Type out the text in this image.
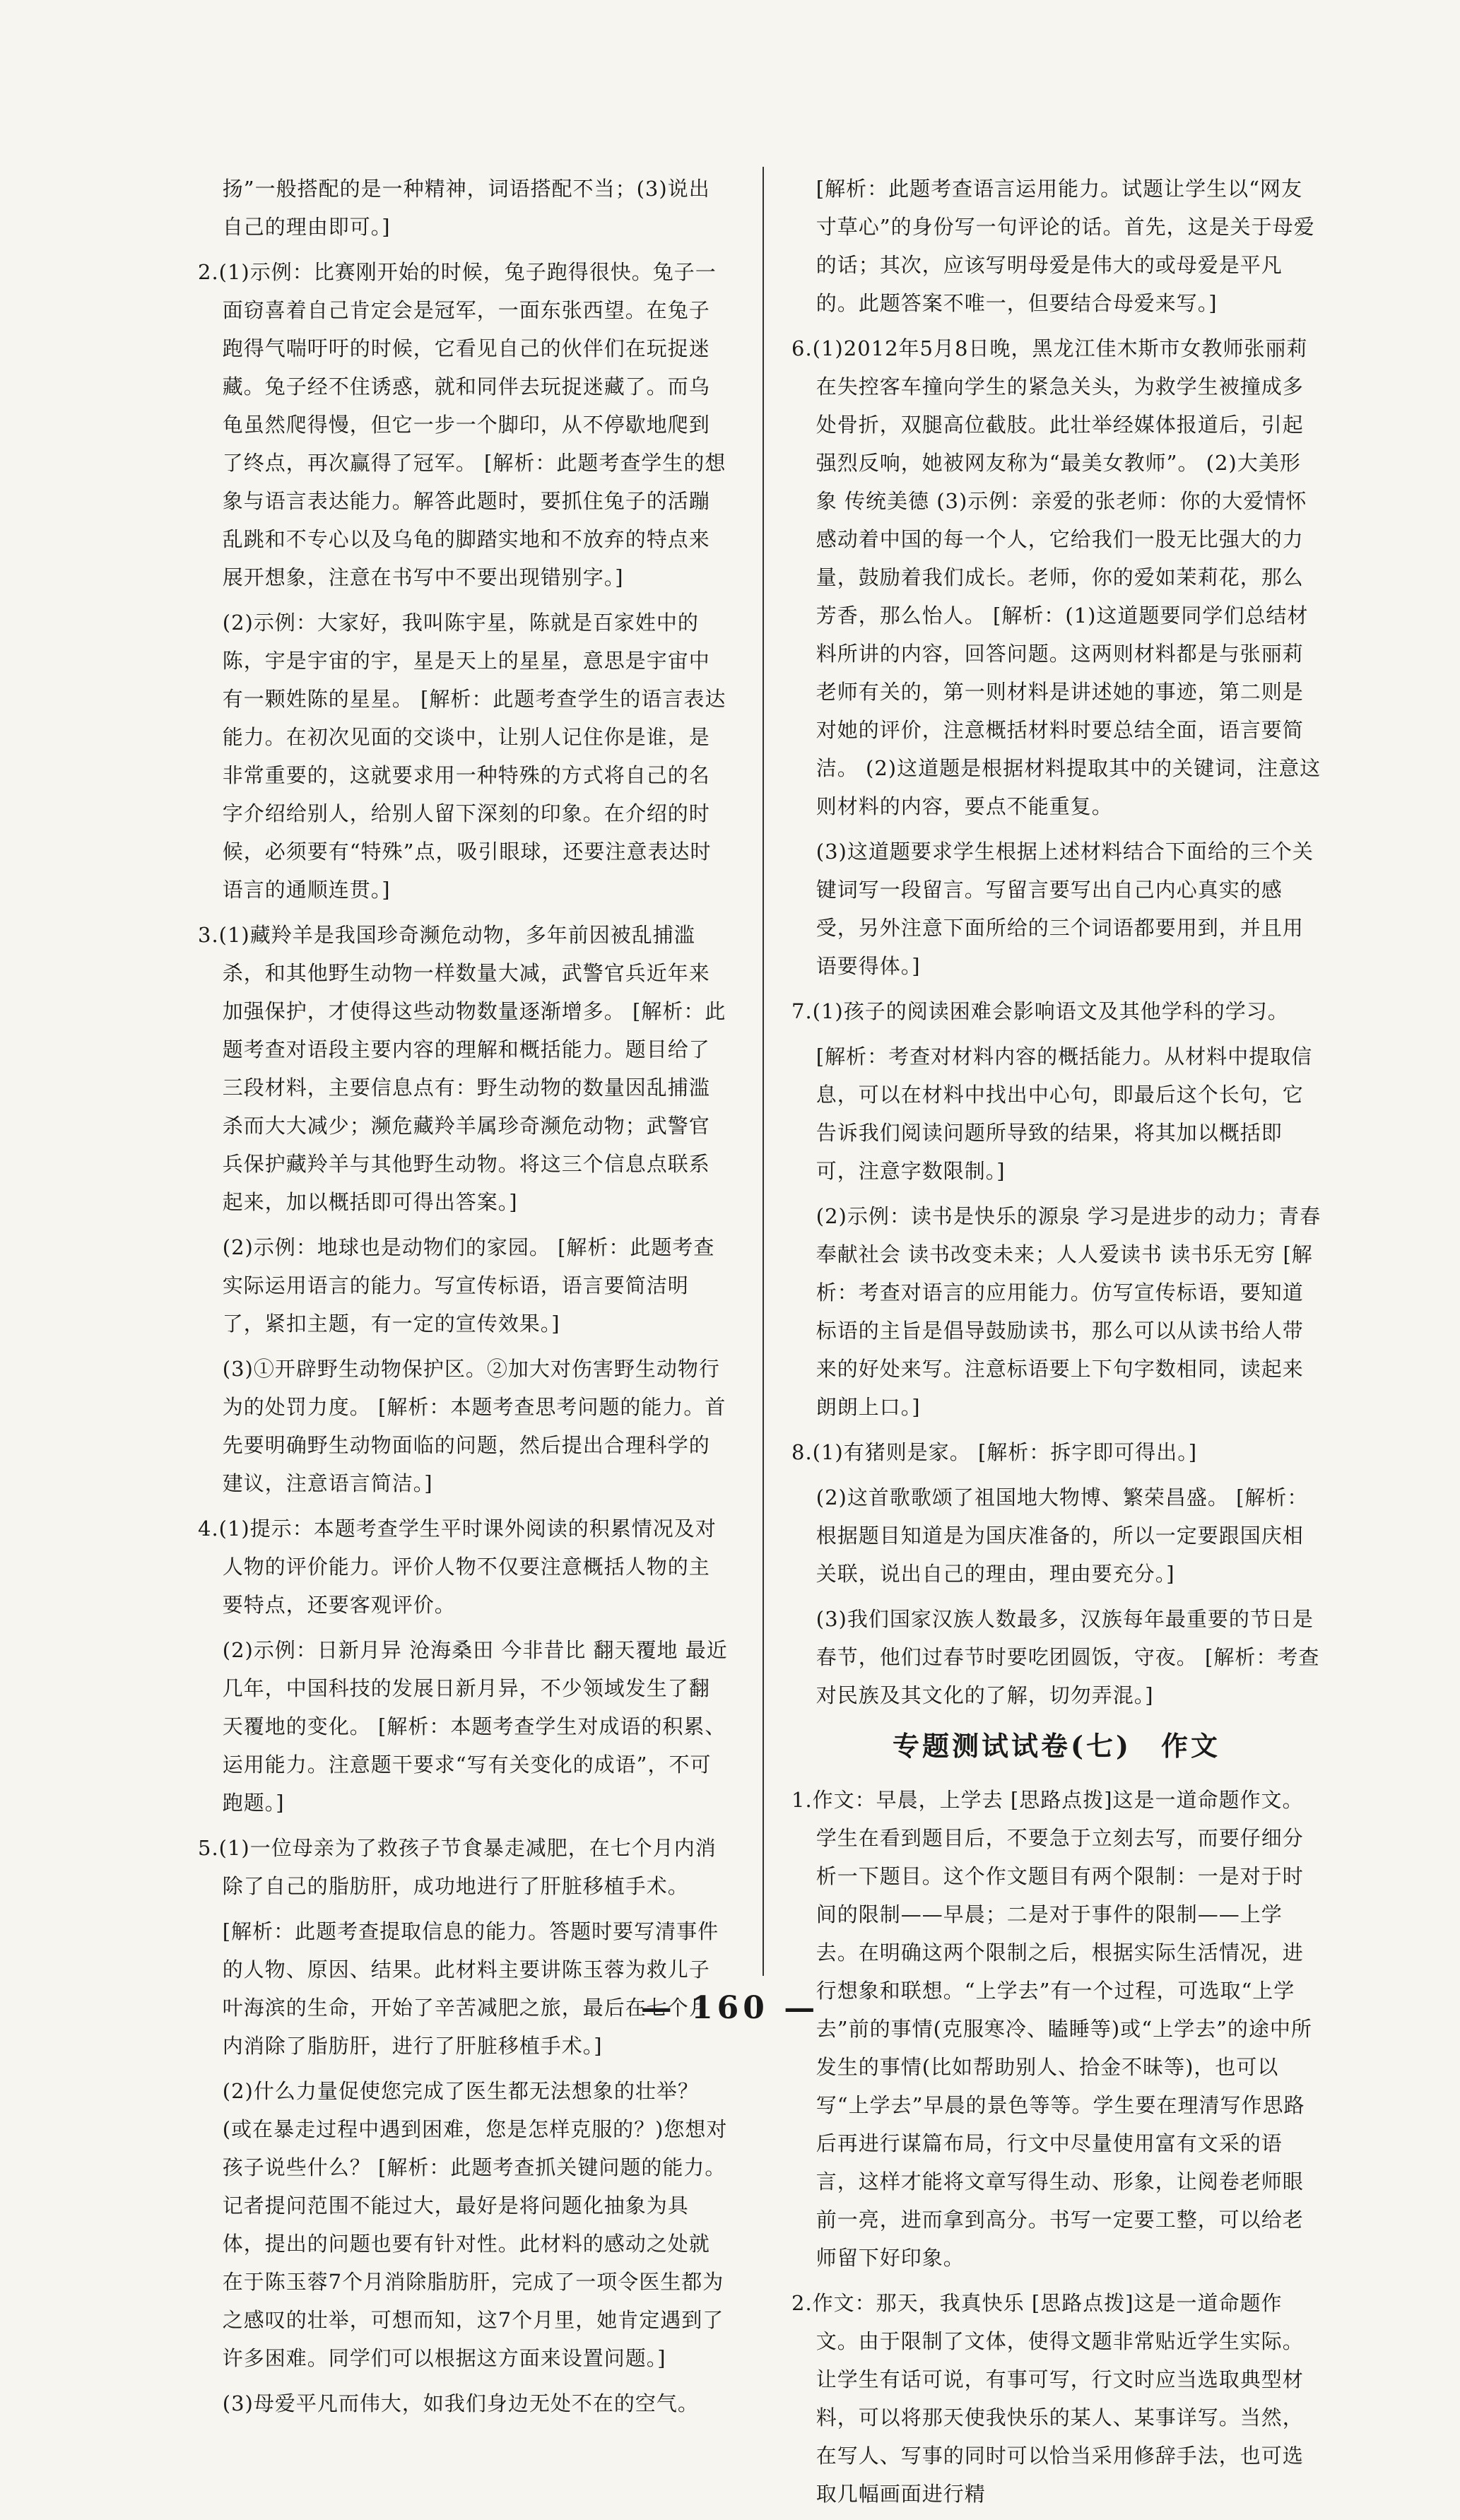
扬”一般搭配的是一种精神，词语搭配不当；(3)说出自己的理由即可。]

2.(1)示例：比赛刚开始的时候，兔子跑得很快。兔子一面窃喜着自己肯定会是冠军，一面东张西望。在兔子跑得气喘吁吁的时候，它看见自己的伙伴们在玩捉迷藏。兔子经不住诱惑，就和同伴去玩捉迷藏了。而乌龟虽然爬得慢，但它一步一个脚印，从不停歇地爬到了终点，再次赢得了冠军。 [解析：此题考查学生的想象与语言表达能力。解答此题时，要抓住兔子的活蹦乱跳和不专心以及乌龟的脚踏实地和不放弃的特点来展开想象，注意在书写中不要出现错别字。]

(2)示例：大家好，我叫陈宇星，陈就是百家姓中的陈，宇是宇宙的宇，星是天上的星星，意思是宇宙中有一颗姓陈的星星。 [解析：此题考查学生的语言表达能力。在初次见面的交谈中，让别人记住你是谁，是非常重要的，这就要求用一种特殊的方式将自己的名字介绍给别人，给别人留下深刻的印象。在介绍的时候，必须要有“特殊”点，吸引眼球，还要注意表达时语言的通顺连贯。]

3.(1)藏羚羊是我国珍奇濒危动物，多年前因被乱捕滥杀，和其他野生动物一样数量大减，武警官兵近年来加强保护，才使得这些动物数量逐渐增多。 [解析：此题考查对语段主要内容的理解和概括能力。题目给了三段材料，主要信息点有：野生动物的数量因乱捕滥杀而大大减少；濒危藏羚羊属珍奇濒危动物；武警官兵保护藏羚羊与其他野生动物。将这三个信息点联系起来，加以概括即可得出答案。]

(2)示例：地球也是动物们的家园。 [解析：此题考查实际运用语言的能力。写宣传标语，语言要简洁明了，紧扣主题，有一定的宣传效果。]

(3)①开辟野生动物保护区。②加大对伤害野生动物行为的处罚力度。 [解析：本题考查思考问题的能力。首先要明确野生动物面临的问题，然后提出合理科学的建议，注意语言简洁。]

4.(1)提示：本题考查学生平时课外阅读的积累情况及对人物的评价能力。评价人物不仅要注意概括人物的主要特点，还要客观评价。

(2)示例：日新月异 沧海桑田 今非昔比 翻天覆地 最近几年，中国科技的发展日新月异，不少领域发生了翻天覆地的变化。 [解析：本题考查学生对成语的积累、运用能力。注意题干要求“写有关变化的成语”，不可跑题。]

5.(1)一位母亲为了救孩子节食暴走减肥，在七个月内消除了自己的脂肪肝，成功地进行了肝脏移植手术。

[解析：此题考查提取信息的能力。答题时要写清事件的人物、原因、结果。此材料主要讲陈玉蓉为救儿子叶海滨的生命，开始了辛苦减肥之旅，最后在七个月内消除了脂肪肝，进行了肝脏移植手术。]

(2)什么力量促使您完成了医生都无法想象的壮举？(或在暴走过程中遇到困难，您是怎样克服的？)您想对孩子说些什么？ [解析：此题考查抓关键问题的能力。记者提问范围不能过大，最好是将问题化抽象为具体，提出的问题也要有针对性。此材料的感动之处就在于陈玉蓉7个月消除脂肪肝，完成了一项令医生都为之感叹的壮举，可想而知，这7个月里，她肯定遇到了许多困难。同学们可以根据这方面来设置问题。]

(3)母爱平凡而伟大，如我们身边无处不在的空气。

[解析：此题考查语言运用能力。试题让学生以“网友寸草心”的身份写一句评论的话。首先，这是关于母爱的话；其次，应该写明母爱是伟大的或母爱是平凡的。此题答案不唯一，但要结合母爱来写。]

6.(1)2012年5月8日晚，黑龙江佳木斯市女教师张丽莉在失控客车撞向学生的紧急关头，为救学生被撞成多处骨折，双腿高位截肢。此壮举经媒体报道后，引起强烈反响，她被网友称为“最美女教师”。 (2)大美形象 传统美德 (3)示例：亲爱的张老师：你的大爱情怀感动着中国的每一个人，它给我们一股无比强大的力量，鼓励着我们成长。老师，你的爱如茉莉花，那么芳香，那么怡人。 [解析：(1)这道题要同学们总结材料所讲的内容，回答问题。这两则材料都是与张丽莉老师有关的，第一则材料是讲述她的事迹，第二则是对她的评价，注意概括材料时要总结全面，语言要简洁。 (2)这道题是根据材料提取其中的关键词，注意这则材料的内容，要点不能重复。

(3)这道题要求学生根据上述材料结合下面给的三个关键词写一段留言。写留言要写出自己内心真实的感受，另外注意下面所给的三个词语都要用到，并且用语要得体。]

7.(1)孩子的阅读困难会影响语文及其他学科的学习。

[解析：考查对材料内容的概括能力。从材料中提取信息，可以在材料中找出中心句，即最后这个长句，它告诉我们阅读问题所导致的结果，将其加以概括即可，注意字数限制。]

(2)示例：读书是快乐的源泉 学习是进步的动力；青春奉献社会 读书改变未来；人人爱读书 读书乐无穷 [解析：考查对语言的应用能力。仿写宣传标语，要知道标语的主旨是倡导鼓励读书，那么可以从读书给人带来的好处来写。注意标语要上下句字数相同，读起来朗朗上口。]

8.(1)有猪则是家。 [解析：拆字即可得出。]

(2)这首歌歌颂了祖国地大物博、繁荣昌盛。 [解析：根据题目知道是为国庆准备的，所以一定要跟国庆相关联，说出自己的理由，理由要充分。]

(3)我们国家汉族人数最多，汉族每年最重要的节日是春节，他们过春节时要吃团圆饭，守夜。 [解析：考查对民族及其文化的了解，切勿弄混。]

专题测试试卷(七)　作文

1.作文：早晨，上学去 [思路点拨]这是一道命题作文。学生在看到题目后，不要急于立刻去写，而要仔细分析一下题目。这个作文题目有两个限制：一是对于时间的限制——早晨；二是对于事件的限制——上学去。在明确这两个限制之后，根据实际生活情况，进行想象和联想。“上学去”有一个过程，可选取“上学去”前的事情(克服寒冷、瞌睡等)或“上学去”的途中所发生的事情(比如帮助别人、拾金不昧等)，也可以写“上学去”早晨的景色等等。学生要在理清写作思路后再进行谋篇布局，行文中尽量使用富有文采的语言，这样才能将文章写得生动、形象，让阅卷老师眼前一亮，进而拿到高分。书写一定要工整，可以给老师留下好印象。

2.作文：那天，我真快乐 [思路点拨]这是一道命题作文。由于限制了文体，使得文题非常贴近学生实际。让学生有话可说，有事可写，行文时应当选取典型材料，可以将那天使我快乐的某人、某事详写。当然，在写人、写事的同时可以恰当采用修辞手法，也可选取几幅画面进行精

— 160 —
